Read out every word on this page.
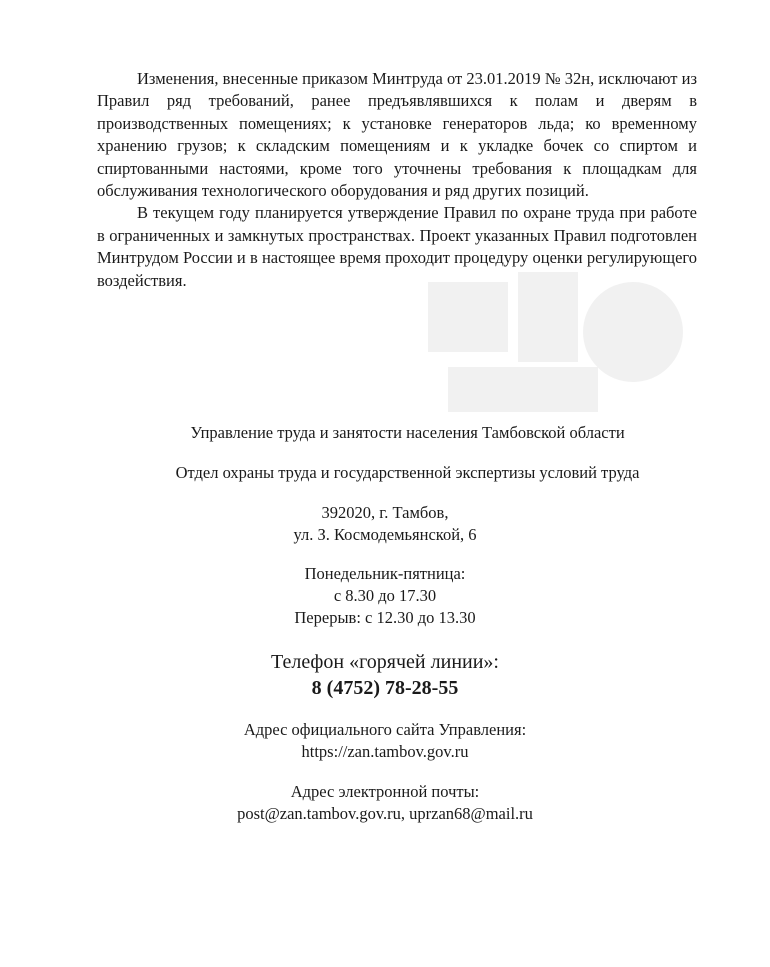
Изменения, внесенные приказом Минтруда от 23.01.2019 № 32н, исключают из Правил ряд требований, ранее предъявлявшихся к полам и дверям в производственных помещениях; к установке генераторов льда; ко временному хранению грузов; к складским помещениям и к укладке бочек со спиртом и спиртованными настоями, кроме того уточнены требования к площадкам для обслуживания технологического оборудования и ряд других позиций.

В текущем году планируется утверждение Правил по охране труда при работе в ограниченных и замкнутых пространствах. Проект указанных Правил подготовлен Минтрудом России и в настоящее время проходит процедуру оценки регулирующего воздействия.

Управление труда и занятости населения Тамбовской области
Отдел охраны труда и государственной экспертизы условий труда
392020, г. Тамбов,
ул. З. Космодемьянской, 6
Понедельник-пятница:
с 8.30 до 17.30
Перерыв: с 12.30 до 13.30
Телефон «горячей линии»:
8 (4752) 78-28-55
Адрес официального сайта Управления:
https://zan.tambov.gov.ru
Адрес электронной почты:
post@zan.tambov.gov.ru, uprzan68@mail.ru
